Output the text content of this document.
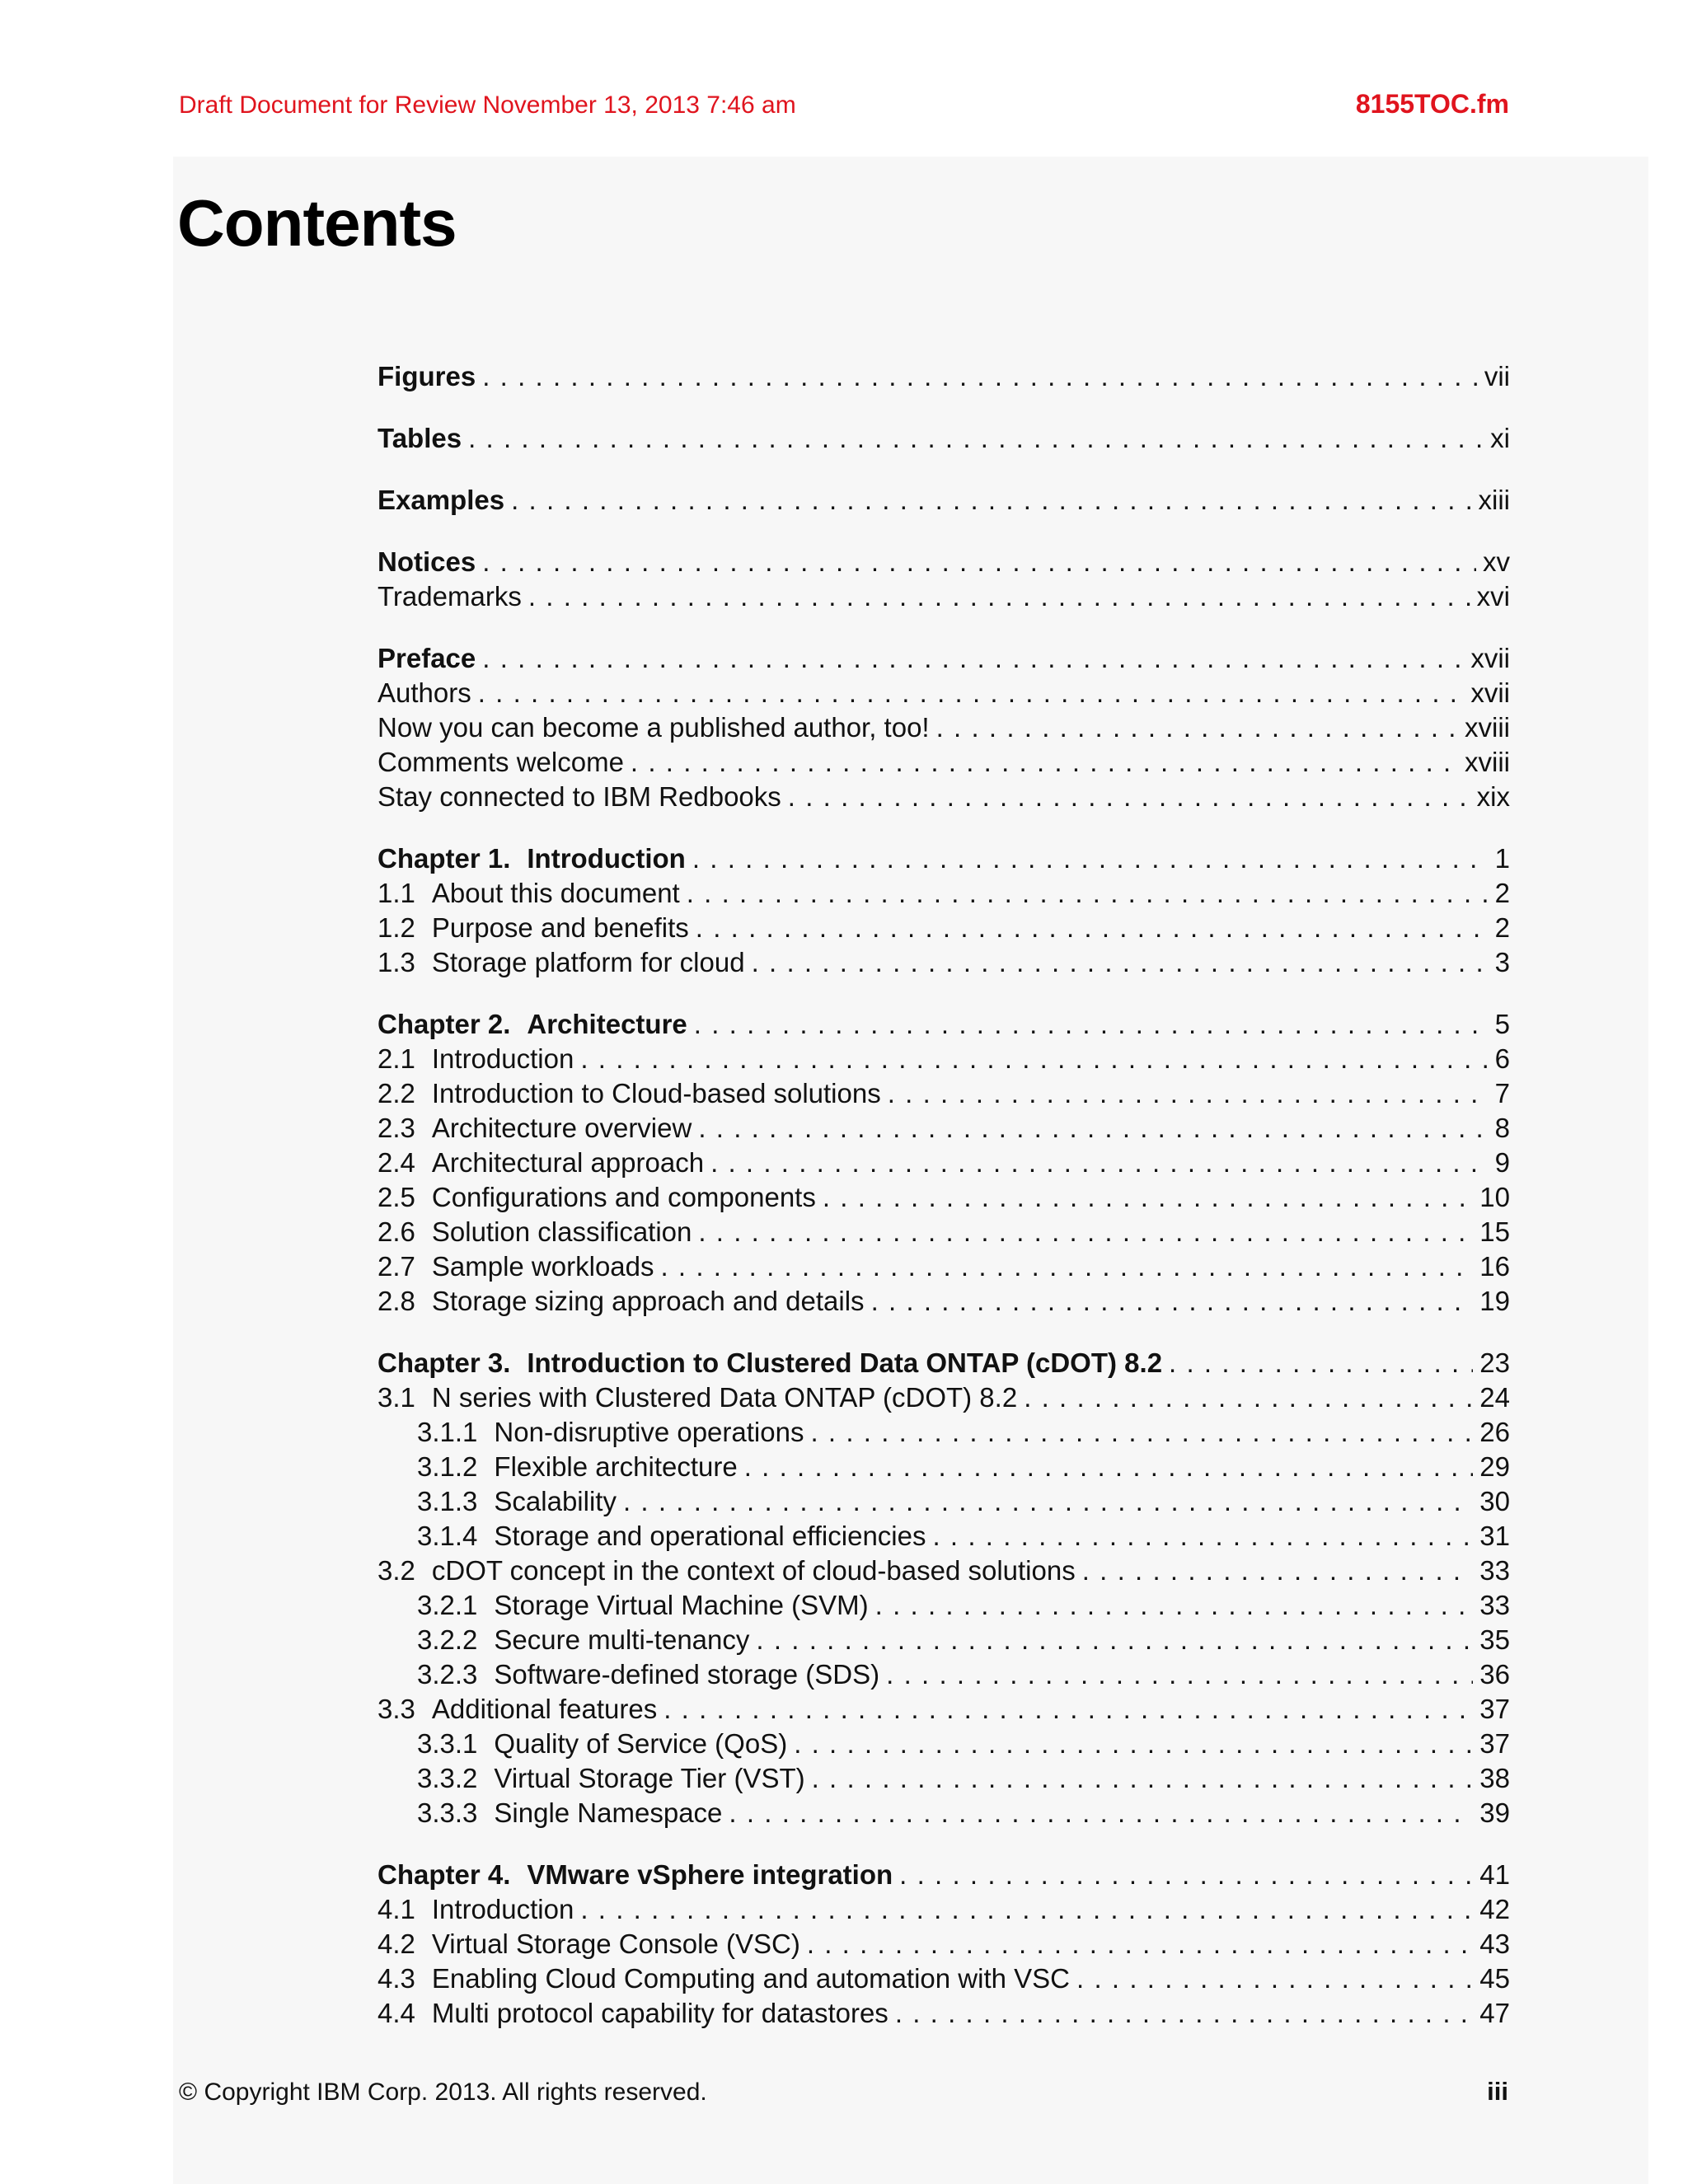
Draft Document for Review November 13, 2013 7:46 am	8155TOC.fm
Contents
Figures . . .	vii
Tables . . .	xi
Examples . . .	xiii
Notices . . .	xv
Trademarks . . .	xvi
Preface . . .	xvii
Authors . . .	xvii
Now you can become a published author, too! . . .	xviii
Comments welcome . . .	xviii
Stay connected to IBM Redbooks . . .	xix
Chapter 1. Introduction . . .	1
1.1 About this document . . .	2
1.2 Purpose and benefits . . .	2
1.3 Storage platform for cloud . . .	3
Chapter 2. Architecture . . .	5
2.1 Introduction . . .	6
2.2 Introduction to Cloud-based solutions . . .	7
2.3 Architecture overview . . .	8
2.4 Architectural approach . . .	9
2.5 Configurations and components . . .	10
2.6 Solution classification . . .	15
2.7 Sample workloads . . .	16
2.8 Storage sizing approach and details . . .	19
Chapter 3. Introduction to Clustered Data ONTAP (cDOT) 8.2 . . .	23
3.1 N series with Clustered Data ONTAP (cDOT) 8.2 . . .	24
3.1.1 Non-disruptive operations . . .	26
3.1.2 Flexible architecture . . .	29
3.1.3 Scalability . . .	30
3.1.4 Storage and operational efficiencies . . .	31
3.2 cDOT concept in the context of cloud-based solutions . . .	33
3.2.1 Storage Virtual Machine (SVM) . . .	33
3.2.2 Secure multi-tenancy . . .	35
3.2.3 Software-defined storage (SDS) . . .	36
3.3 Additional features . . .	37
3.3.1 Quality of Service (QoS) . . .	37
3.3.2 Virtual Storage Tier (VST) . . .	38
3.3.3 Single Namespace . . .	39
Chapter 4. VMware vSphere integration . . .	41
4.1 Introduction . . .	42
4.2 Virtual Storage Console (VSC) . . .	43
4.3 Enabling Cloud Computing and automation with VSC . . .	45
4.4 Multi protocol capability for datastores . . .	47
© Copyright IBM Corp. 2013. All rights reserved.	iii
